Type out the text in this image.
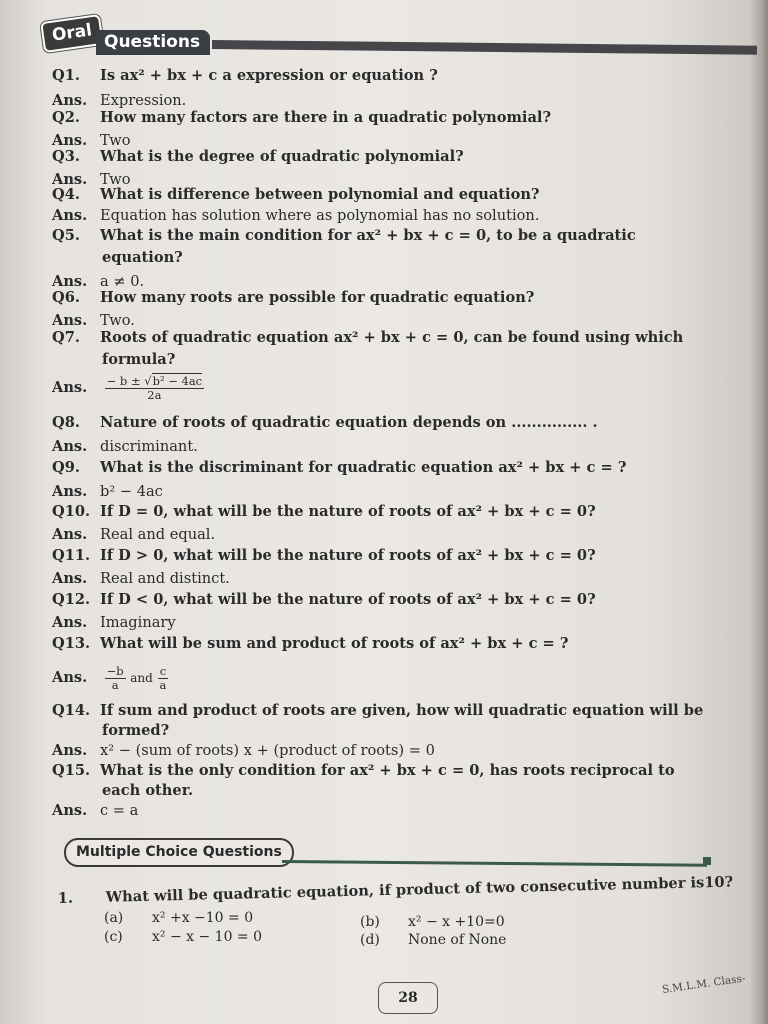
Oral Questions
Q1. Is ax² + bx + c a expression or equation ?
Ans. Expression.
Q2. How many factors are there in a quadratic polynomial?
Ans. Two
Q3. What is the degree of quadratic polynomial?
Ans. Two
Q4. What is difference between polynomial and equation?
Ans. Equation has solution where as polynomial has no solution.
Q5. What is the main condition for ax² + bx + c = 0, to be a quadratic
equation?
Ans. a ≠ 0.
Q6. How many roots are possible for quadratic equation?
Ans. Two.
Q7. Roots of quadratic equation ax² + bx + c = 0, can be found using which
formula?
Ans. $\frac{\text{− b ± √b² − 4ac}}{2a}$
Q8. Nature of roots of quadratic equation depends on ............... .
Ans. discriminant.
Q9. What is the discriminant for quadratic equation ax² + bx + c = ?
Ans. b² − 4ac
Q10. If D = 0, what will be the nature of roots of ax² + bx + c = 0?
Ans. Real and equal.
Q11. If D > 0, what will be the nature of roots of ax² + bx + c = 0?
Ans. Real and distinct.
Q12. If D < 0, what will be the nature of roots of ax² + bx + c = 0?
Ans. Imaginary
Q13. What will be sum and product of roots of ax² + bx + c = ?
Ans. $\frac{-b}{a}$ and $\frac{c}{a}$
Q14. If sum and product of roots are given, how will quadratic equation will be
formed?
Ans. x² − (sum of roots) x + (product of roots) = 0
Q15. What is the only condition for ax² + bx + c = 0, has roots reciprocal to
each other.
Ans. c = a
Multiple Choice Questions
1. What will be quadratic equation, if product of two consecutive number is10?
(a) x² +x −10 = 0	(b) x² − x +10=0
(c) x² − x − 10 = 0	(d) None of None
28
S.M.L.M. Class-
